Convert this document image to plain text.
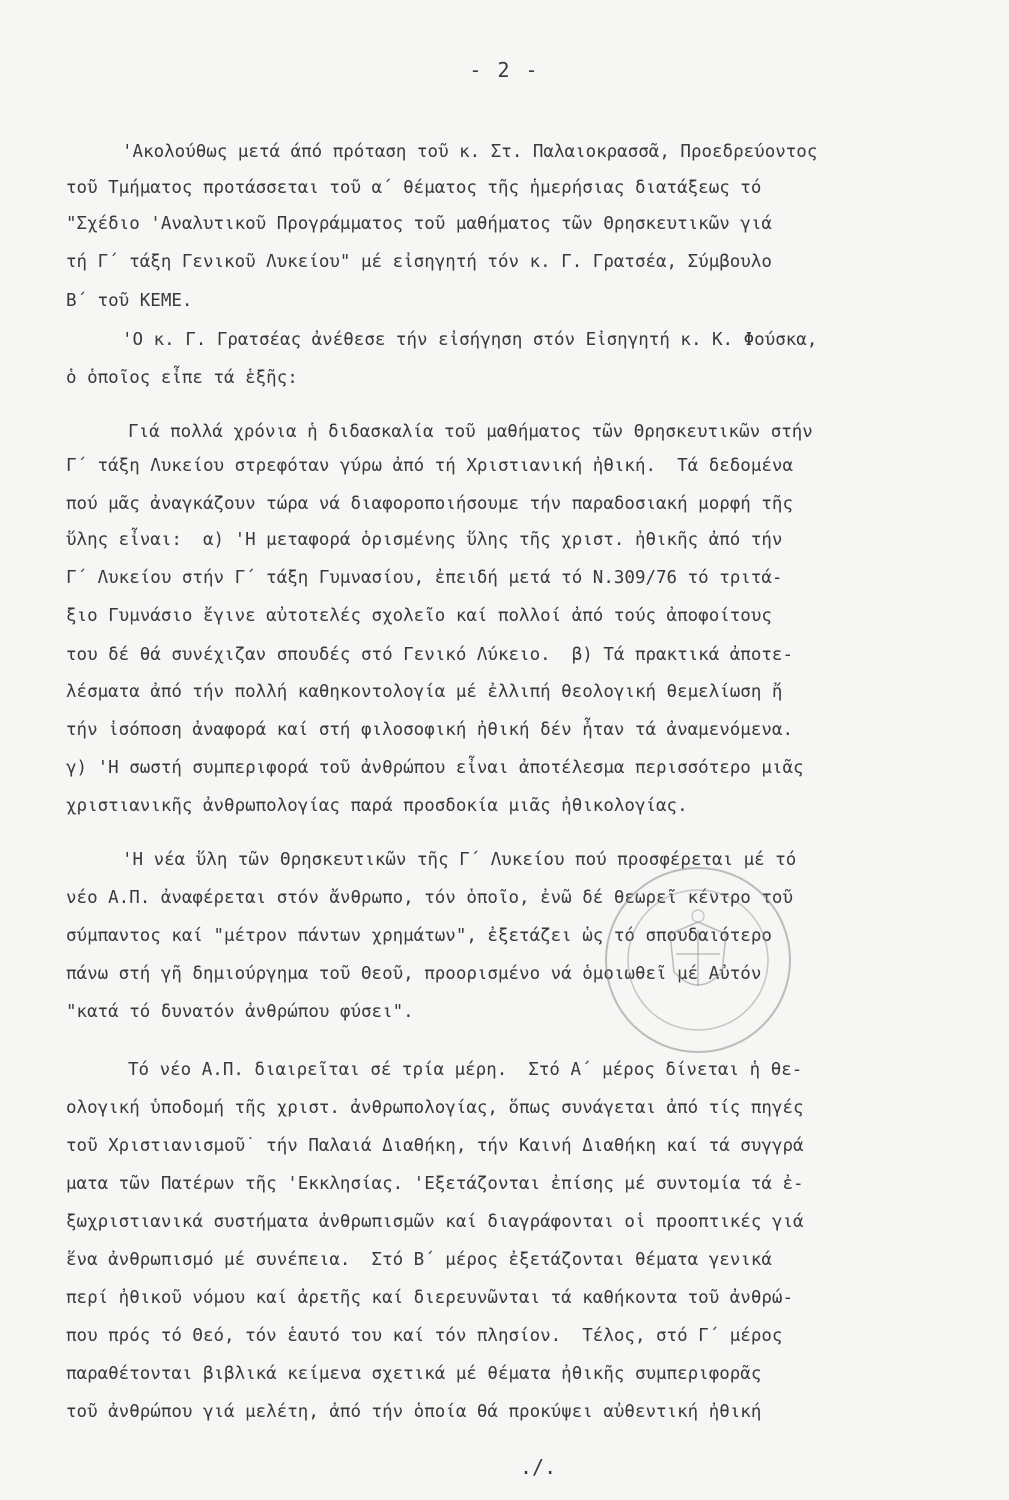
- 2 -
'Ακολούθως μετά άπό πρόταση τοῦ κ. Στ. Παλαιοκρασσᾶ, Προεδρεύοντος
τοῦ Τμήματος προτάσσεται τοῦ α΄ θέματος τῆς ἡμερήσιας διατάξεως τό
"Σχέδιο 'Αναλυτικοῦ Προγράμματος τοῦ μαθήματος τῶν Θρησκευτικῶν γιά
τή Γ΄ τάξη Γενικοῦ Λυκείου" μέ εἰσηγητή τόν κ. Γ. Γρατσέα, Σύμβουλο
Β΄ τοῦ ΚΕΜΕ.
'Ο κ. Γ. Γρατσέας ἀνέθεσε τήν εἰσήγηση στόν Εἰσηγητή κ. Κ. Φούσκα,
ὁ ὁποῖος εἶπε τά ἑξῆς:
Γιά πολλά χρόνια ἡ διδασκαλία τοῦ μαθήματος τῶν Θρησκευτικῶν στήν
Γ΄ τάξη Λυκείου στρεφόταν γύρω ἀπό τή Χριστιανική ἠθική.  Τά δεδομένα
πού μᾶς ἀναγκάζουν τώρα νά διαφοροποιήσουμε τήν παραδοσιακή μορφή τῆς
ὕλης εἶναι:  α) 'Η μεταφορά ὁρισμένης ὕλης τῆς χριστ. ἠθικῆς ἀπό τήν
Γ΄ Λυκείου στήν Γ΄ τάξη Γυμνασίου, ἐπειδή μετά τό Ν.309/76 τό τριτά-
ξιο Γυμνάσιο ἔγινε αὐτοτελές σχολεῖο καί πολλοί ἀπό τούς ἀποφοίτους
του δέ θά συνέχιζαν σπουδές στό Γενικό Λύκειο.  β) Τά πρακτικά ἀποτε-
λέσματα ἀπό τήν πολλή καθηκοντολογία μέ ἐλλιπή θεολογική θεμελίωση ἤ
τήν ἰσόποση ἀναφορά καί στή φιλοσοφική ἠθική δέν ἦταν τά ἀναμενόμενα.
γ) 'Η σωστή συμπεριφορά τοῦ ἀνθρώπου εἶναι ἀποτέλεσμα περισσότερο μιᾶς
χριστιανικῆς ἀνθρωπολογίας παρά προσδοκία μιᾶς ἠθικολογίας.
'Η νέα ὕλη τῶν Θρησκευτικῶν τῆς Γ΄ Λυκείου πού προσφέρεται μέ τό
νέο Α.Π. ἀναφέρεται στόν ἄνθρωπο, τόν ὁποῖο, ἐνῶ δέ θεωρεῖ κέντρο τοῦ
σύμπαντος καί "μέτρον πάντων χρημάτων", ἐξετάζει ὡς τό σπουδαιότερο
πάνω στή γῆ δημιούργημα τοῦ Θεοῦ, προορισμένο νά ὁμοιωθεῖ μέ Αὐτόν
"κατά τό δυνατόν ἀνθρώπου φύσει".
Τό νέο Α.Π. διαιρεῖται σέ τρία μέρη.  Στό Α΄ μέρος δίνεται ἡ θε-
ολογική ὑποδομή τῆς χριστ. ἀνθρωπολογίας, ὅπως συνάγεται ἀπό τίς πηγές
τοῦ Χριστιανισμοῦ˙ τήν Παλαιά Διαθήκη, τήν Καινή Διαθήκη καί τά συγγρά
ματα τῶν Πατέρων τῆς 'Εκκλησίας. 'Εξετάζονται ἐπίσης μέ συντομία τά ἐ-
ξωχριστιανικά συστήματα ἀνθρωπισμῶν καί διαγράφονται οἱ προοπτικές γιά
ἕνα ἀνθρωπισμό μέ συνέπεια.  Στό Β΄ μέρος ἐξετάζονται θέματα γενικά
περί ἠθικοῦ νόμου καί ἀρετῆς καί διερευνῶνται τά καθήκοντα τοῦ ἀνθρώ-
που πρός τό Θεό, τόν ἑαυτό του καί τόν πλησίον.  Τέλος, στό Γ΄ μέρος
παραθέτονται βιβλικά κείμενα σχετικά μέ θέματα ἠθικῆς συμπεριφορᾶς
τοῦ ἀνθρώπου γιά μελέτη, ἀπό τήν ὁποία θά προκύψει αὐθεντική ἠθική
./.
